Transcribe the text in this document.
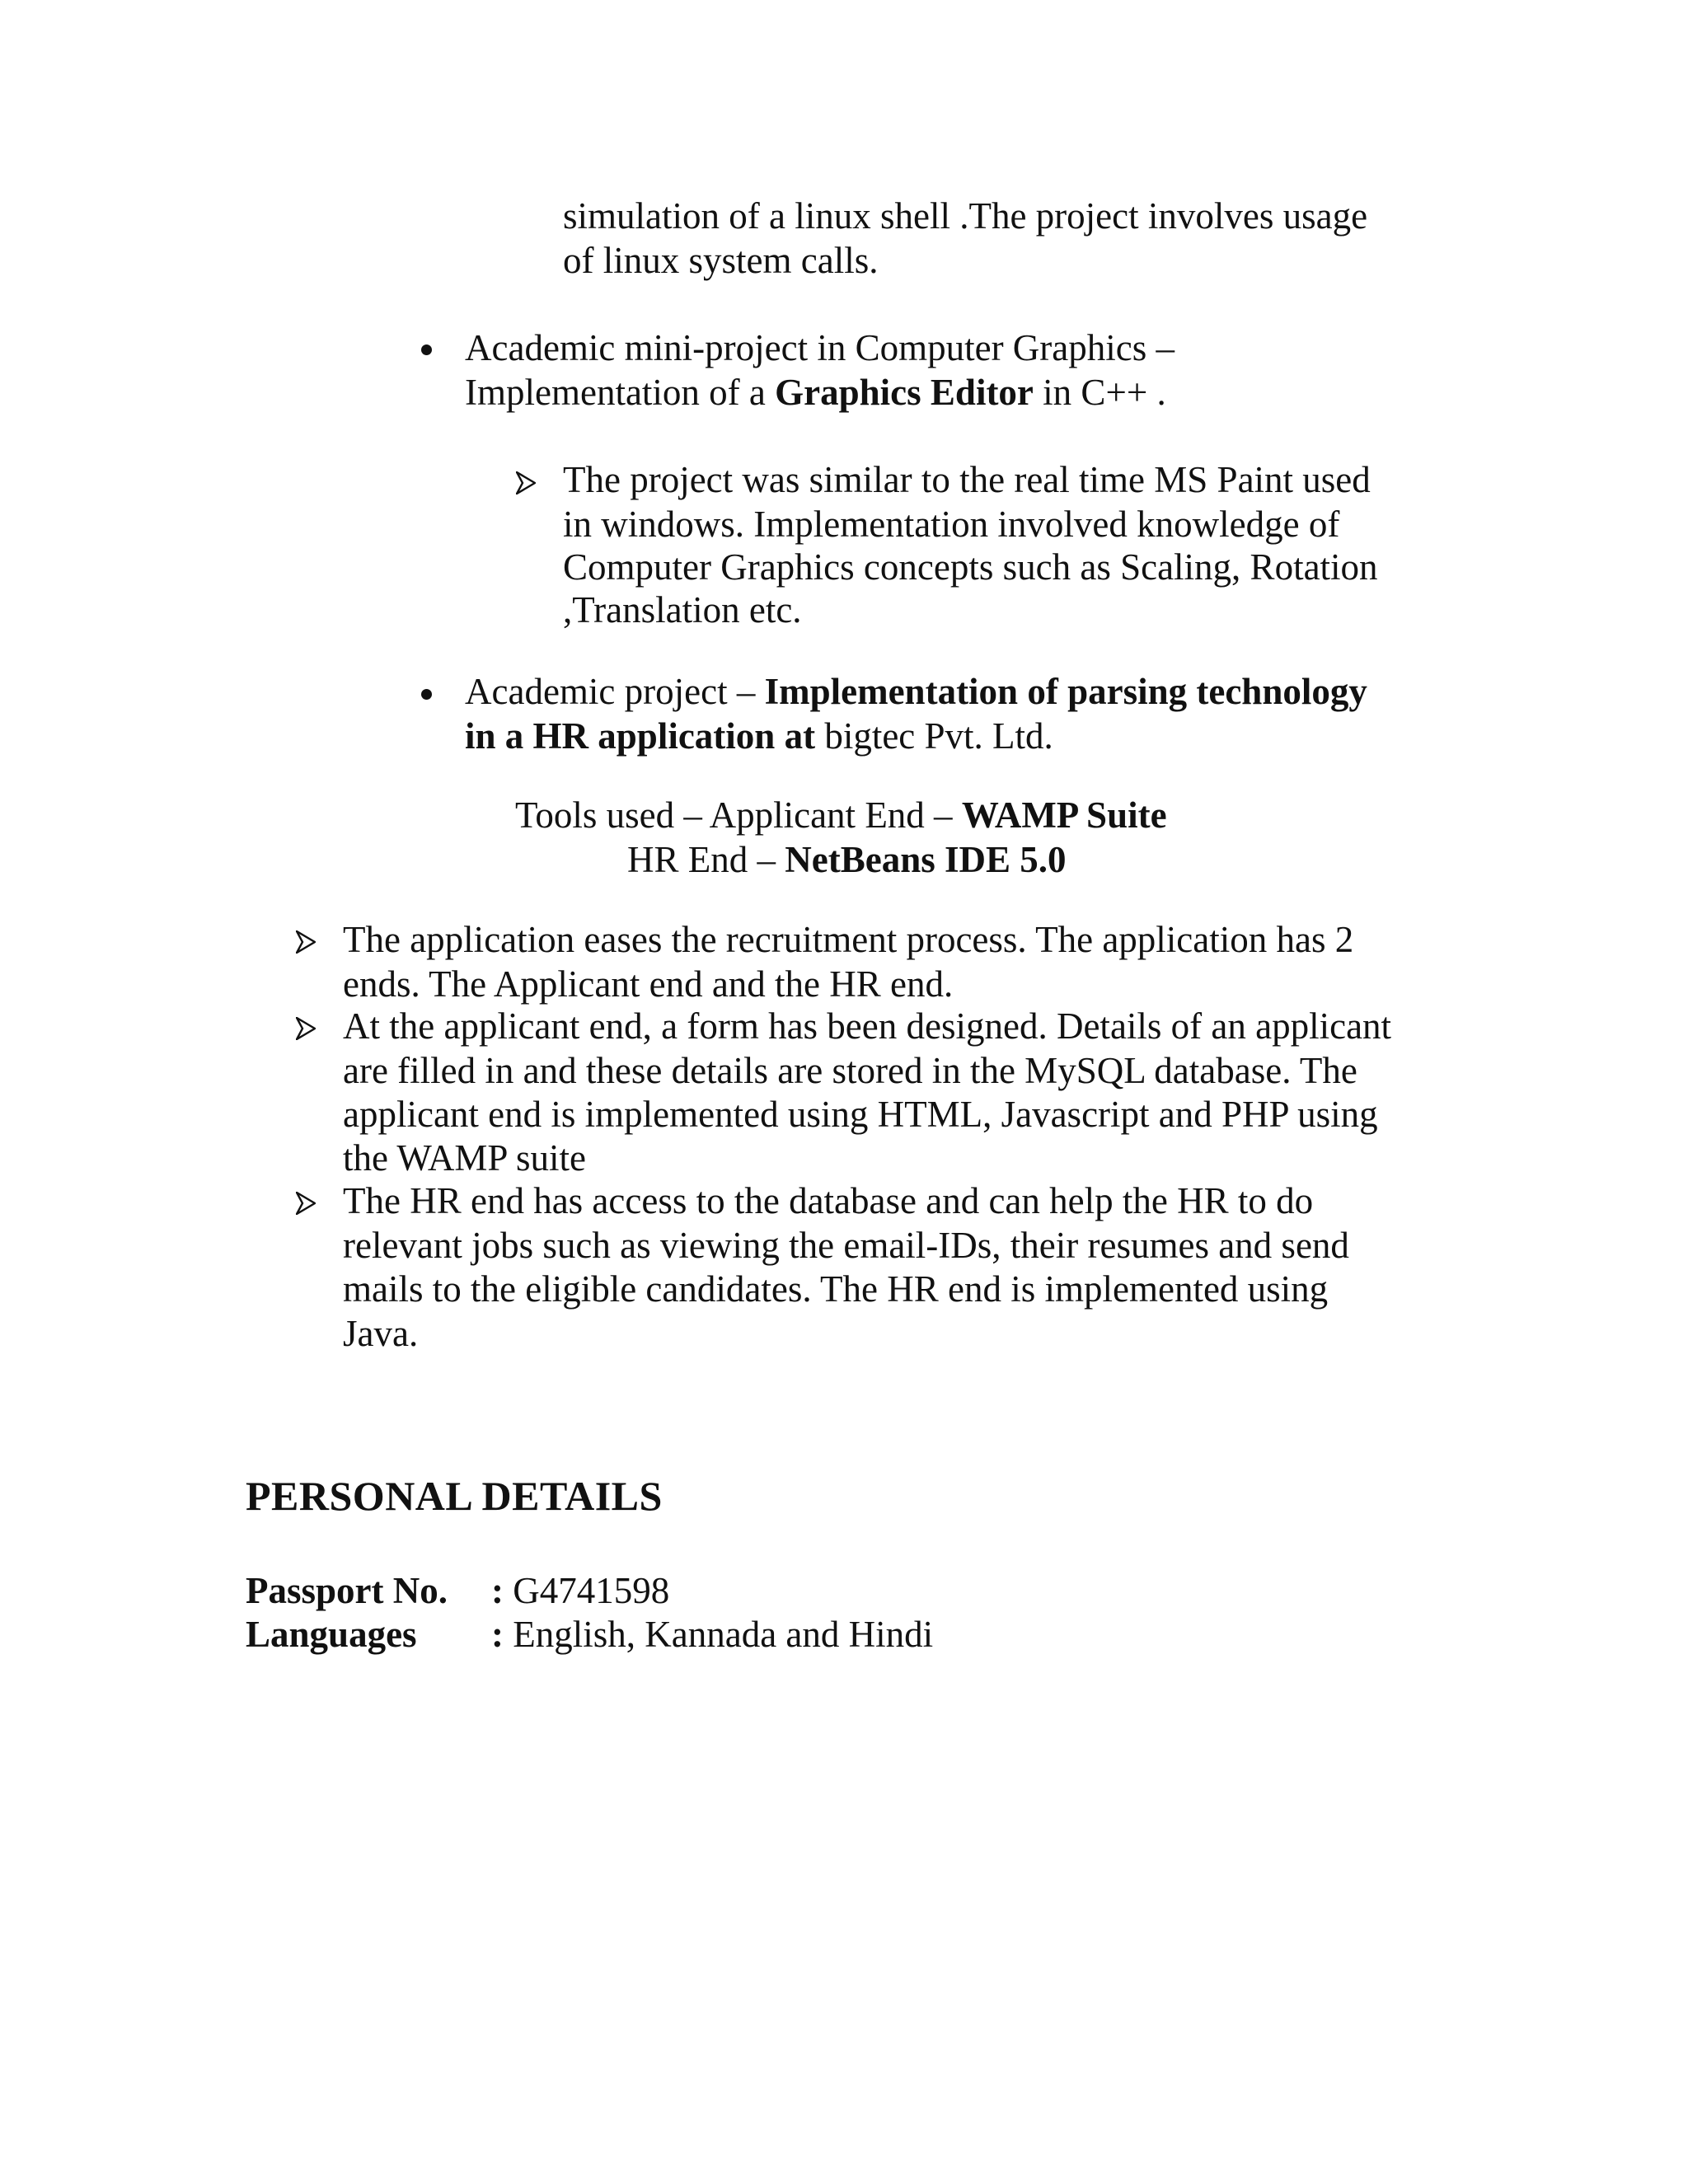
simulation of a linux shell .The project involves usage

of linux system calls.

Academic mini-project in Computer Graphics –

Implementation of a Graphics Editor in C++ .

The project was similar to the real time MS Paint used

in windows. Implementation involved knowledge of

Computer Graphics concepts such as Scaling, Rotation

,Translation etc.

Academic project – Implementation of parsing technology

in a HR application at bigtec Pvt. Ltd.

Tools used – Applicant End – WAMP Suite

HR End – NetBeans IDE 5.0

The application eases the recruitment process. The application has 2

ends. The Applicant end and the HR end.

At the applicant end, a form has been designed. Details of an applicant

are filled in and these details are stored in the MySQL database. The

applicant end is implemented using HTML, Javascript and PHP using

the WAMP suite

The HR end has access to the database and can help the HR to do

relevant jobs such as viewing the email-IDs, their resumes and send

mails to the eligible candidates. The HR end is implemented using

Java.

PERSONAL DETAILS

Passport No. : G4741598

Languages : English, Kannada and Hindi
